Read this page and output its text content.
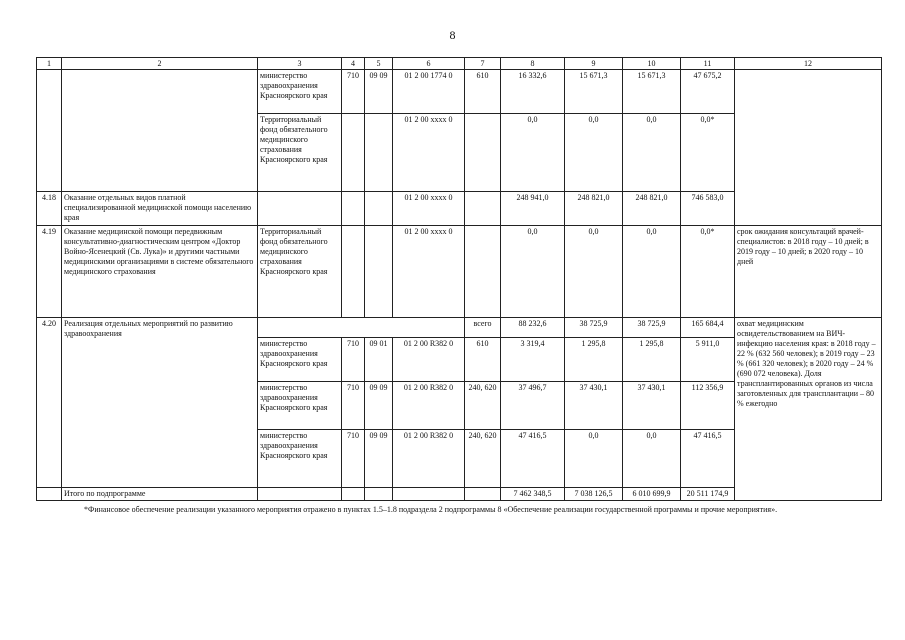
8
1	2	3	4	5	6	7	8	9	10	11	12
		министерство здравоохранения Красноярского края	710	09 09	01 2 00 1774 0	610	16 332,6	15 671,3	15 671,3	47 675,2	
		Территориальный фонд обязательного медицинского страхования Красноярского края			01 2 00 хххх 0		0,0	0,0	0,0	0,0*	
4.18	Оказание отдельных видов платной специализированной медицинской помощи населению края				01 2 00 хххх 0		248 941,0	248 821,0	248 821,0	746 583,0	
4.19	Оказание медицинской помощи передвижным консультативно-диагностическим центром «Доктор Войно-Ясенецкий (Св. Лука)» и другими частными медицинскими организациями в системе обязательного медицинского страхования	Территориальный фонд обязательного медицинского страхования Красноярского края			01 2 00 хххх 0		0,0	0,0	0,0	0,0*	срок ожидания консультаций врачей-специалистов: в 2018 году – 10 дней; в 2019 году – 10 дней; в 2020 году – 10 дней
4.20	Реализация отдельных мероприятий по развитию здравоохранения					всего	88 232,6	38 725,9	38 725,9	165 684,4	охват медицинским освидетельствованием на ВИЧ-инфекцию населения края: в 2018 году – 22 % (632 560 человек); в 2019 году – 23 % (661 320 человек); в 2020 году – 24 % (690 072 человека). Доля трансплантированных органов из числа заготовленных для трансплантации – 80 % ежегодно
		министерство здравоохранения Красноярского края	710	09 01	01 2 00 R382 0	610	3 319,4	1 295,8	1 295,8	5 911,0	
		министерство здравоохранения Красноярского края	710	09 09	01 2 00 R382 0	240, 620	37 496,7	37 430,1	37 430,1	112 356,9	
		министерство здравоохранения Красноярского края	710	09 09	01 2 00 R382 0	240, 620	47 416,5	0,0	0,0	47 416,5	
	Итого по подпрограмме						7 462 348,5	7 038 126,5	6 010 699,9	20 511 174,9	
*Финансовое обеспечение реализации указанного мероприятия отражено в пунктах 1.5–1.8 подраздела 2 подпрограммы 8 «Обеспечение реализации государственной программы и прочие мероприятия».
